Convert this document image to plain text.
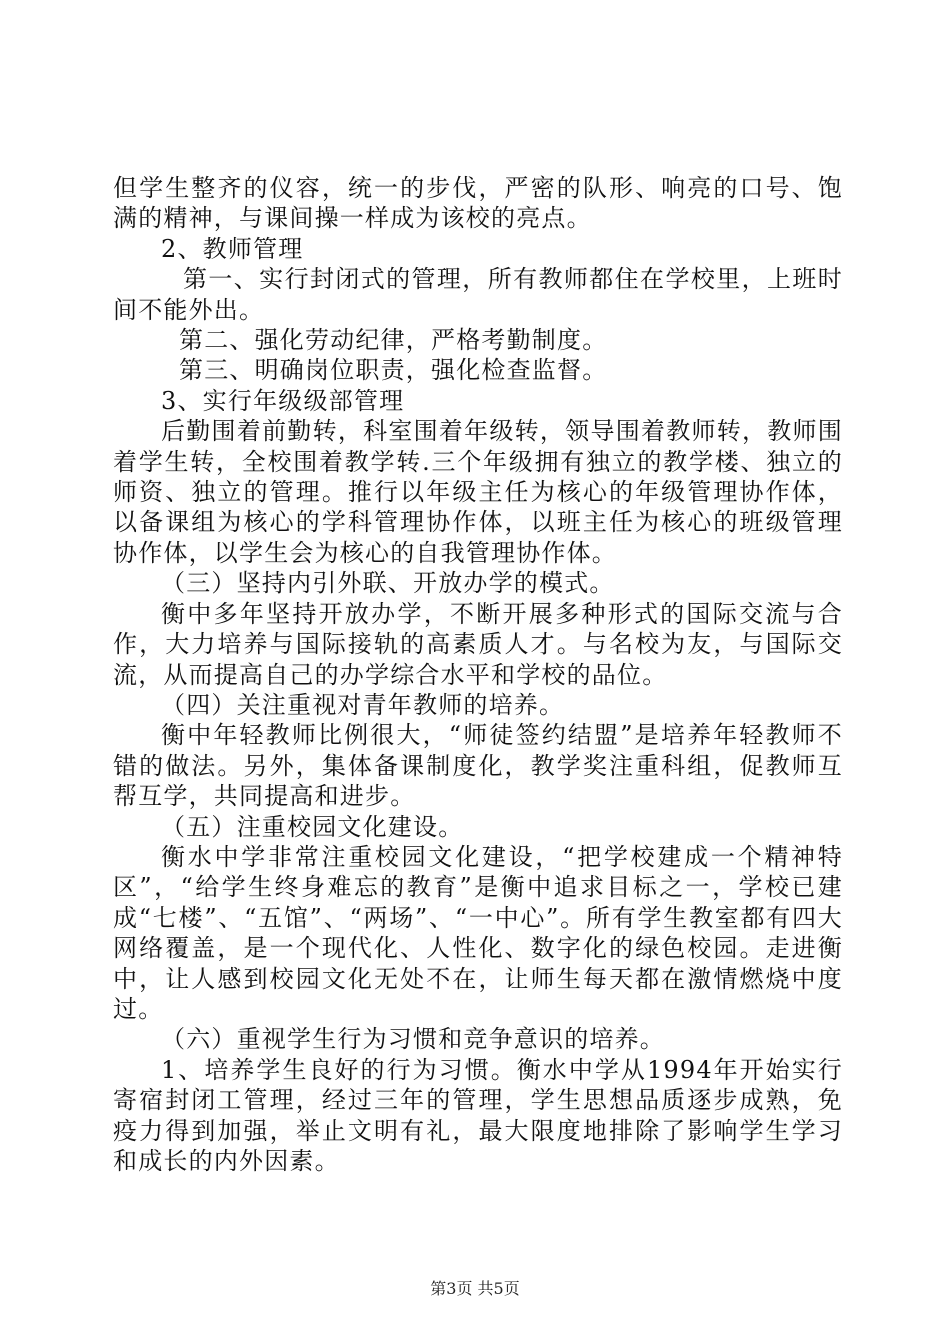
但学生整齐的仪容，统一的步伐，严密的队形、响亮的口号、饱满的精神，与课间操一样成为该校的亮点。

2、教师管理

第一、实行封闭式的管理，所有教师都住在学校里，上班时间不能外出。

第二、强化劳动纪律，严格考勤制度。

第三、明确岗位职责，强化检查监督。

3、实行年级级部管理

后勤围着前勤转，科室围着年级转，领导围着教师转，教师围着学生转，全校围着教学转.三个年级拥有独立的教学楼、独立的师资、独立的管理。推行以年级主任为核心的年级管理协作体，以备课组为核心的学科管理协作体，以班主任为核心的班级管理协作体，以学生会为核心的自我管理协作体。

（三）坚持内引外联、开放办学的模式。

衡中多年坚持开放办学，不断开展多种形式的国际交流与合作，大力培养与国际接轨的高素质人才。与名校为友，与国际交流，从而提高自己的办学综合水平和学校的品位。

（四）关注重视对青年教师的培养。

衡中年轻教师比例很大，“师徒签约结盟”是培养年轻教师不错的做法。另外，集体备课制度化，教学奖注重科组，促教师互帮互学，共同提高和进步。

（五）注重校园文化建设。

衡水中学非常注重校园文化建设，“把学校建成一个精神特区”，“给学生终身难忘的教育”是衡中追求目标之一，学校已建成“七楼”、“五馆”、“两场”、“一中心”。所有学生教室都有四大网络覆盖，是一个现代化、人性化、数字化的绿色校园。走进衡中，让人感到校园文化无处不在，让师生每天都在激情燃烧中度过。

（六）重视学生行为习惯和竞争意识的培养。

1、培养学生良好的行为习惯。衡水中学从1994年开始实行寄宿封闭工管理，经过三年的管理，学生思想品质逐步成熟，免疫力得到加强，举止文明有礼，最大限度地排除了影响学生学习和成长的内外因素。

第3页 共5页
